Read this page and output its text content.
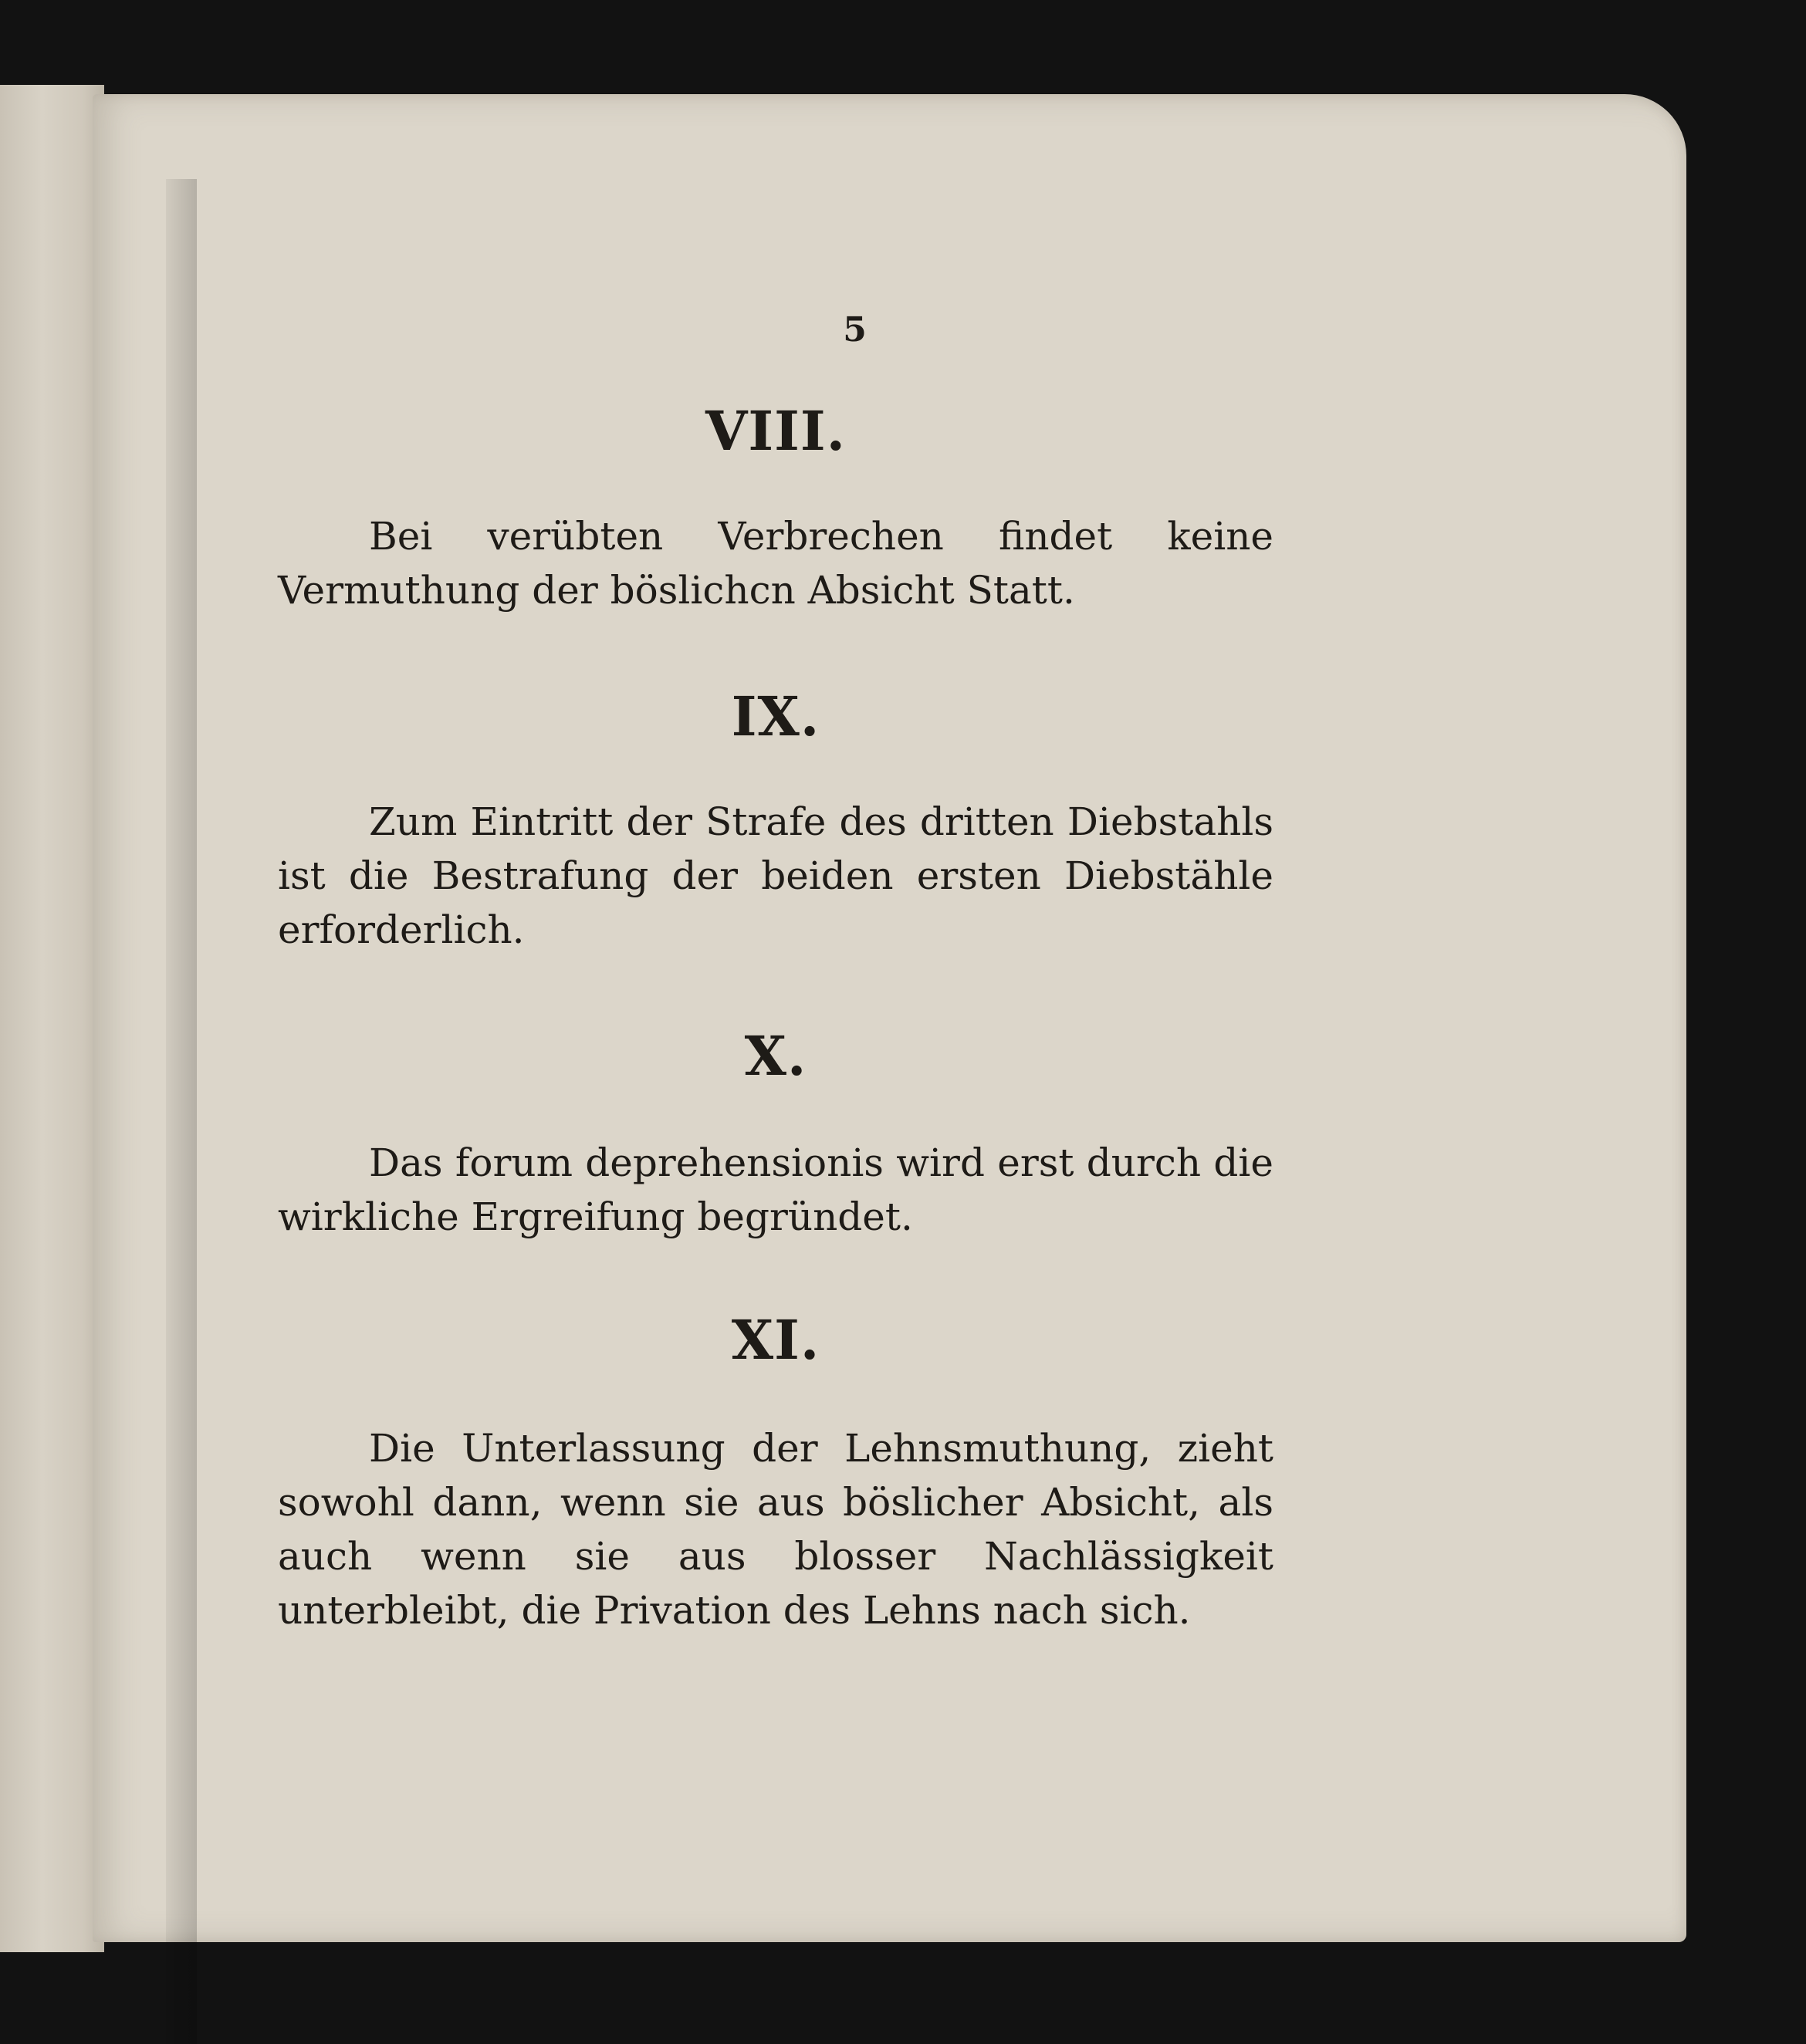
5
VIII.
Bei verübten Verbrechen findet keine Vermuthung der böslichcn Absicht Statt.
IX.
Zum Eintritt der Strafe des dritten Diebstahls ist die Bestrafung der beiden ersten Diebstähle erforderlich.
X.
Das forum deprehensionis wird erst durch die wirkliche Ergreifung begründet.
XI.
Die Unterlassung der Lehnsmuthung, zieht sowohl dann, wenn sie aus böslicher Absicht, als auch wenn sie aus blosser Nachlässigkeit unterbleibt, die Privation des Lehns nach sich.
